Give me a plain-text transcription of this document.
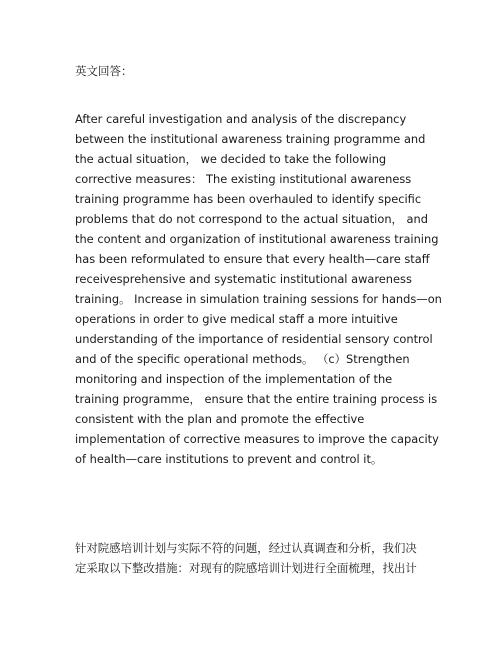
英文回答：
After careful investigation and analysis of the discrepancy
between the institutional awareness training programme and
the actual situation， we decided to take the following
corrective measures： The existing institutional awareness
training programme has been overhauled to identify specific
problems that do not correspond to the actual situation， and
the content and organization of institutional awareness training
has been reformulated to ensure that every health—care staff
receivesprehensive and systematic institutional awareness
training。 Increase in simulation training sessions for hands—on
operations in order to give medical staff a more intuitive
understanding of the importance of residential sensory control
and of the specific operational methods。 （c）Strengthen
monitoring and inspection of the implementation of the
training programme， ensure that the entire training process is
consistent with the plan and promote the effective
implementation of corrective measures to improve the capacity
of health—care institutions to prevent and control it。
针对院感培训计划与实际不符的问题，经过认真调查和分析，我们决
定采取以下整改措施：对现有的院感培训计划进行全面梳理，找出计
